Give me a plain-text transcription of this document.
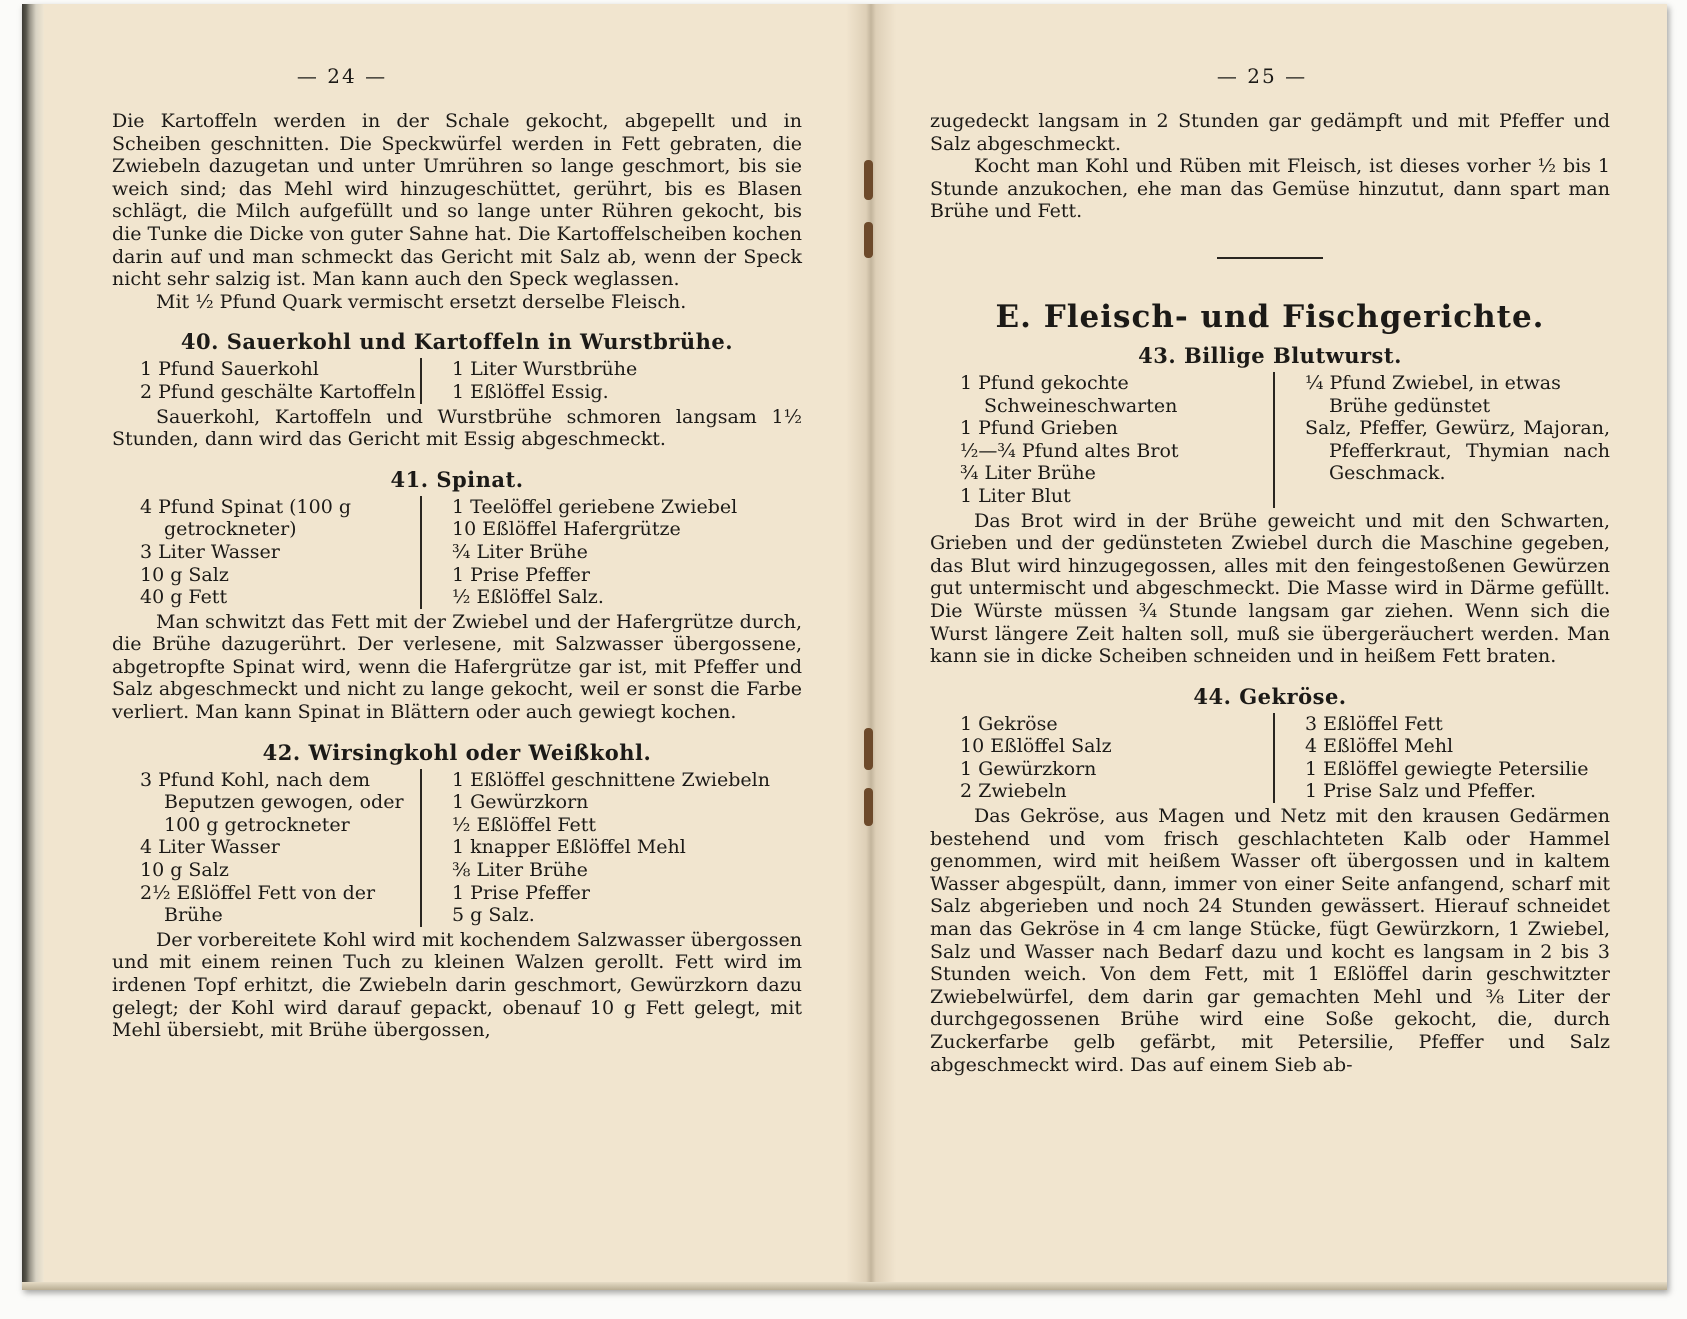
— 24 —

Die Kartoffeln werden in der Schale gekocht, abgepellt und in Scheiben geschnitten. Die Speckwürfel werden in Fett gebraten, die Zwiebeln dazugetan und unter Umrühren so lange geschmort, bis sie weich sind; das Mehl wird hinzugeschüttet, gerührt, bis es Blasen schlägt, die Milch aufgefüllt und so lange unter Rühren gekocht, bis die Tunke die Dicke von guter Sahne hat. Die Kartoffelscheiben kochen darin auf und man schmeckt das Gericht mit Salz ab, wenn der Speck nicht sehr salzig ist. Man kann auch den Speck weglassen.

Mit ½ Pfund Quark vermischt ersetzt derselbe Fleisch.

40. Sauerkohl und Kartoffeln in Wurstbrühe.
1 Pfund Sauerkohl
2 Pfund geschälte Kartoffeln
1 Liter Wurstbrühe
1 Eßlöffel Essig.

Sauerkohl, Kartoffeln und Wurstbrühe schmoren langsam 1½ Stunden, dann wird das Gericht mit Essig abgeschmeckt.

41. Spinat.
4 Pfund Spinat (100 g getrockneter)
3 Liter Wasser
10 g Salz
40 g Fett
1 Teelöffel geriebene Zwiebel
10 Eßlöffel Hafergrütze
¾ Liter Brühe
1 Prise Pfeffer
½ Eßlöffel Salz.

Man schwitzt das Fett mit der Zwiebel und der Hafergrütze durch, die Brühe dazugerührt. Der verlesene, mit Salzwasser übergossene, abgetropfte Spinat wird, wenn die Hafergrütze gar ist, mit Pfeffer und Salz abgeschmeckt und nicht zu lange gekocht, weil er sonst die Farbe verliert. Man kann Spinat in Blättern oder auch gewiegt kochen.

42. Wirsingkohl oder Weißkohl.
3 Pfund Kohl, nach dem Beputzen gewogen, oder 100 g getrockneter
4 Liter Wasser
10 g Salz
2½ Eßlöffel Fett von der Brühe
1 Eßlöffel geschnittene Zwiebeln
1 Gewürzkorn
½ Eßlöffel Fett
1 knapper Eßlöffel Mehl
⅜ Liter Brühe
1 Prise Pfeffer
5 g Salz.

Der vorbereitete Kohl wird mit kochendem Salzwasser übergossen und mit einem reinen Tuch zu kleinen Walzen gerollt. Fett wird im irdenen Topf erhitzt, die Zwiebeln darin geschmort, Gewürzkorn dazu gelegt; der Kohl wird darauf gepackt, obenauf 10 g Fett gelegt, mit Mehl übersiebt, mit Brühe übergossen,

— 25 —

zugedeckt langsam in 2 Stunden gar gedämpft und mit Pfeffer und Salz abgeschmeckt.

Kocht man Kohl und Rüben mit Fleisch, ist dieses vorher ½ bis 1 Stunde anzukochen, ehe man das Gemüse hinzutut, dann spart man Brühe und Fett.

E. Fleisch- und Fischgerichte.
43. Billige Blutwurst.
1 Pfund gekochte Schweineschwarten
1 Pfund Grieben
½—¾ Pfund altes Brot
¾ Liter Brühe
1 Liter Blut
¼ Pfund Zwiebel, in etwas Brühe gedünstet
Salz, Pfeffer, Gewürz, Majoran, Pfefferkraut, Thymian nach Geschmack.

Das Brot wird in der Brühe geweicht und mit den Schwarten, Grieben und der gedünsteten Zwiebel durch die Maschine gegeben, das Blut wird hinzugegossen, alles mit den feingestoßenen Gewürzen gut untermischt und abgeschmeckt. Die Masse wird in Därme gefüllt. Die Würste müssen ¾ Stunde langsam gar ziehen. Wenn sich die Wurst längere Zeit halten soll, muß sie übergeräuchert werden. Man kann sie in dicke Scheiben schneiden und in heißem Fett braten.

44. Gekröse.
1 Gekröse
10 Eßlöffel Salz
1 Gewürzkorn
2 Zwiebeln
3 Eßlöffel Fett
4 Eßlöffel Mehl
1 Eßlöffel gewiegte Petersilie
1 Prise Salz und Pfeffer.

Das Gekröse, aus Magen und Netz mit den krausen Gedärmen bestehend und vom frisch geschlachteten Kalb oder Hammel genommen, wird mit heißem Wasser oft übergossen und in kaltem Wasser abgespült, dann, immer von einer Seite anfangend, scharf mit Salz abgerieben und noch 24 Stunden gewässert. Hierauf schneidet man das Gekröse in 4 cm lange Stücke, fügt Gewürzkorn, 1 Zwiebel, Salz und Wasser nach Bedarf dazu und kocht es langsam in 2 bis 3 Stunden weich. Von dem Fett, mit 1 Eßlöffel darin geschwitzter Zwiebelwürfel, dem darin gar gemachten Mehl und ⅜ Liter der durchgegossenen Brühe wird eine Soße gekocht, die, durch Zuckerfarbe gelb gefärbt, mit Petersilie, Pfeffer und Salz abgeschmeckt wird. Das auf einem Sieb ab-
